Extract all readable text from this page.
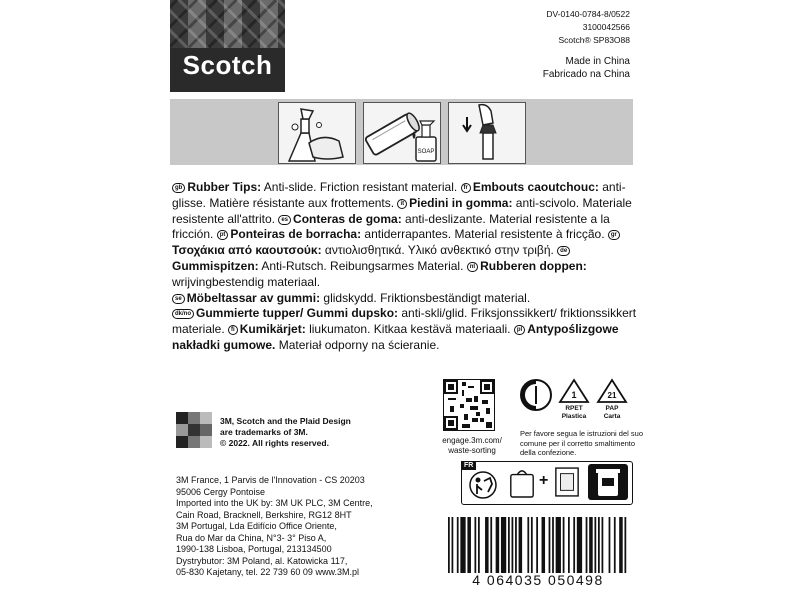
Scotch
DV-0140-0784-8/0522
3100042566
Scotch® SP83O88
Made in China
Fabricado na China
SOAP
gb Rubber Tips: Anti-slide. Friction resistant material. fr Embouts caoutchouc: anti-glisse. Matière résistante aux frottements. it Piedini in gomma: anti-scivolo. Materiale resistente all'attrito. es Conteras de goma: anti-deslizante. Material resistente a la fricción. pt Ponteiras de borracha: antiderrapantes. Material resistente à fricção. grΤσοχάκια από καουτσούκ: αντιολισθητικά. Υλικό ανθεκτικό στην τριβή. deGummispitzen: Anti-Rutsch. Reibungsarmes Material. nl Rubberen doppen: wrijvingbestendig materiaal.
se Möbeltassar av gummi: glidskydd. Friktionsbeständigt material.
dk/no Gummierte tupper/ Gummi dupsko: anti-skli/glid. Friksjonssikkert/ friktionssikkert materiale. fi Kumikärjet: liukumaton. Kitkaa kestävä materiaali. pl Antypoślizgowe nakładki gumowe. Materiał odporny na ścieranie.
3M, Scotch and the Plaid Design
are trademarks of 3M.
© 2022. All rights reserved.	engage.3m.com/
waste-sorting
1
RPET
Plastica
21
PAP
Carta
Per favore segua le istruzioni del suo comune per il corretto smaltimento della confezione.
FR
+

3M France, 1 Parvis de l'Innovation - CS 20203

95006 Cergy Pontoise

Imported into the UK by: 3M UK PLC, 3M Centre,

Cain Road, Bracknell, Berkshire, RG12 8HT

3M Portugal, Lda Edifício Office Oriente,

Rua do Mar da China, N°3- 3° Piso A,

1990-138 Lisboa, Portugal, 213134500

Dystrybutor: 3M Poland, al. Katowicka 117,

05-830 Kajetany, tel. 22 739 60 09 www.3M.pl	4 064035 050498
